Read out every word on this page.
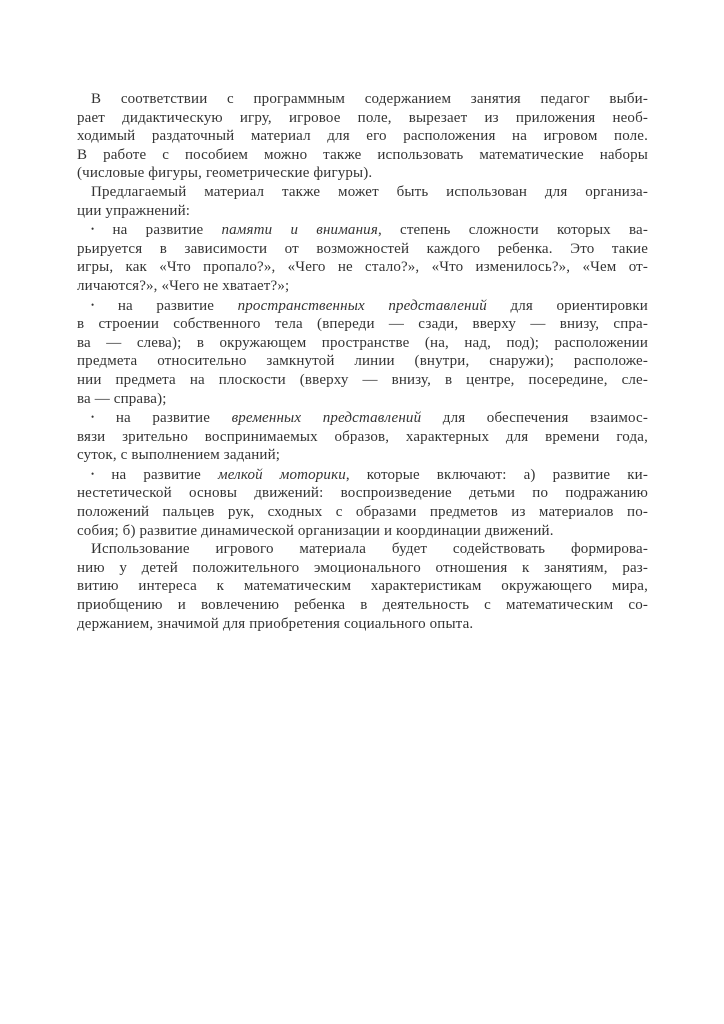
В соответствии с программным содержанием занятия педагог выби-
рает дидактическую игру, игровое поле, вырезает из приложения необ-
ходимый раздаточный материал для его расположения на игровом поле.
В работе с пособием можно также использовать математические наборы
(числовые фигуры, геометрические фигуры).
Предлагаемый материал также может быть использован для организа-
ции упражнений:
• на развитие памяти и внимания, степень сложности которых ва-
рьируется в зависимости от возможностей каждого ребенка. Это такие
игры, как «Что пропало?», «Чего не стало?», «Что изменилось?», «Чем от-
личаются?», «Чего не хватает?»;
• на развитие пространственных представлений для ориентировки
в строении собственного тела (впереди — сзади, вверху — внизу, спра-
ва — слева); в окружающем пространстве (на, над, под); расположении
предмета относительно замкнутой линии (внутри, снаружи); расположе-
нии предмета на плоскости (вверху — внизу, в центре, посередине, сле-
ва — справа);
• на развитие временных представлений для обеспечения взаимос-
вязи зрительно воспринимаемых образов, характерных для времени года,
суток, с выполнением заданий;
• на развитие мелкой моторики, которые включают: а) развитие ки-
нестетической основы движений: воспроизведение детьми по подражанию
положений пальцев рук, сходных с образами предметов из материалов по-
собия; б) развитие динамической организации и координации движений.
Использование игрового материала будет содействовать формирова-
нию у детей положительного эмоционального отношения к занятиям, раз-
витию интереса к математическим характеристикам окружающего мира,
приобщению и вовлечению ребенка в деятельность с математическим со-
держанием, значимой для приобретения социального опыта.
